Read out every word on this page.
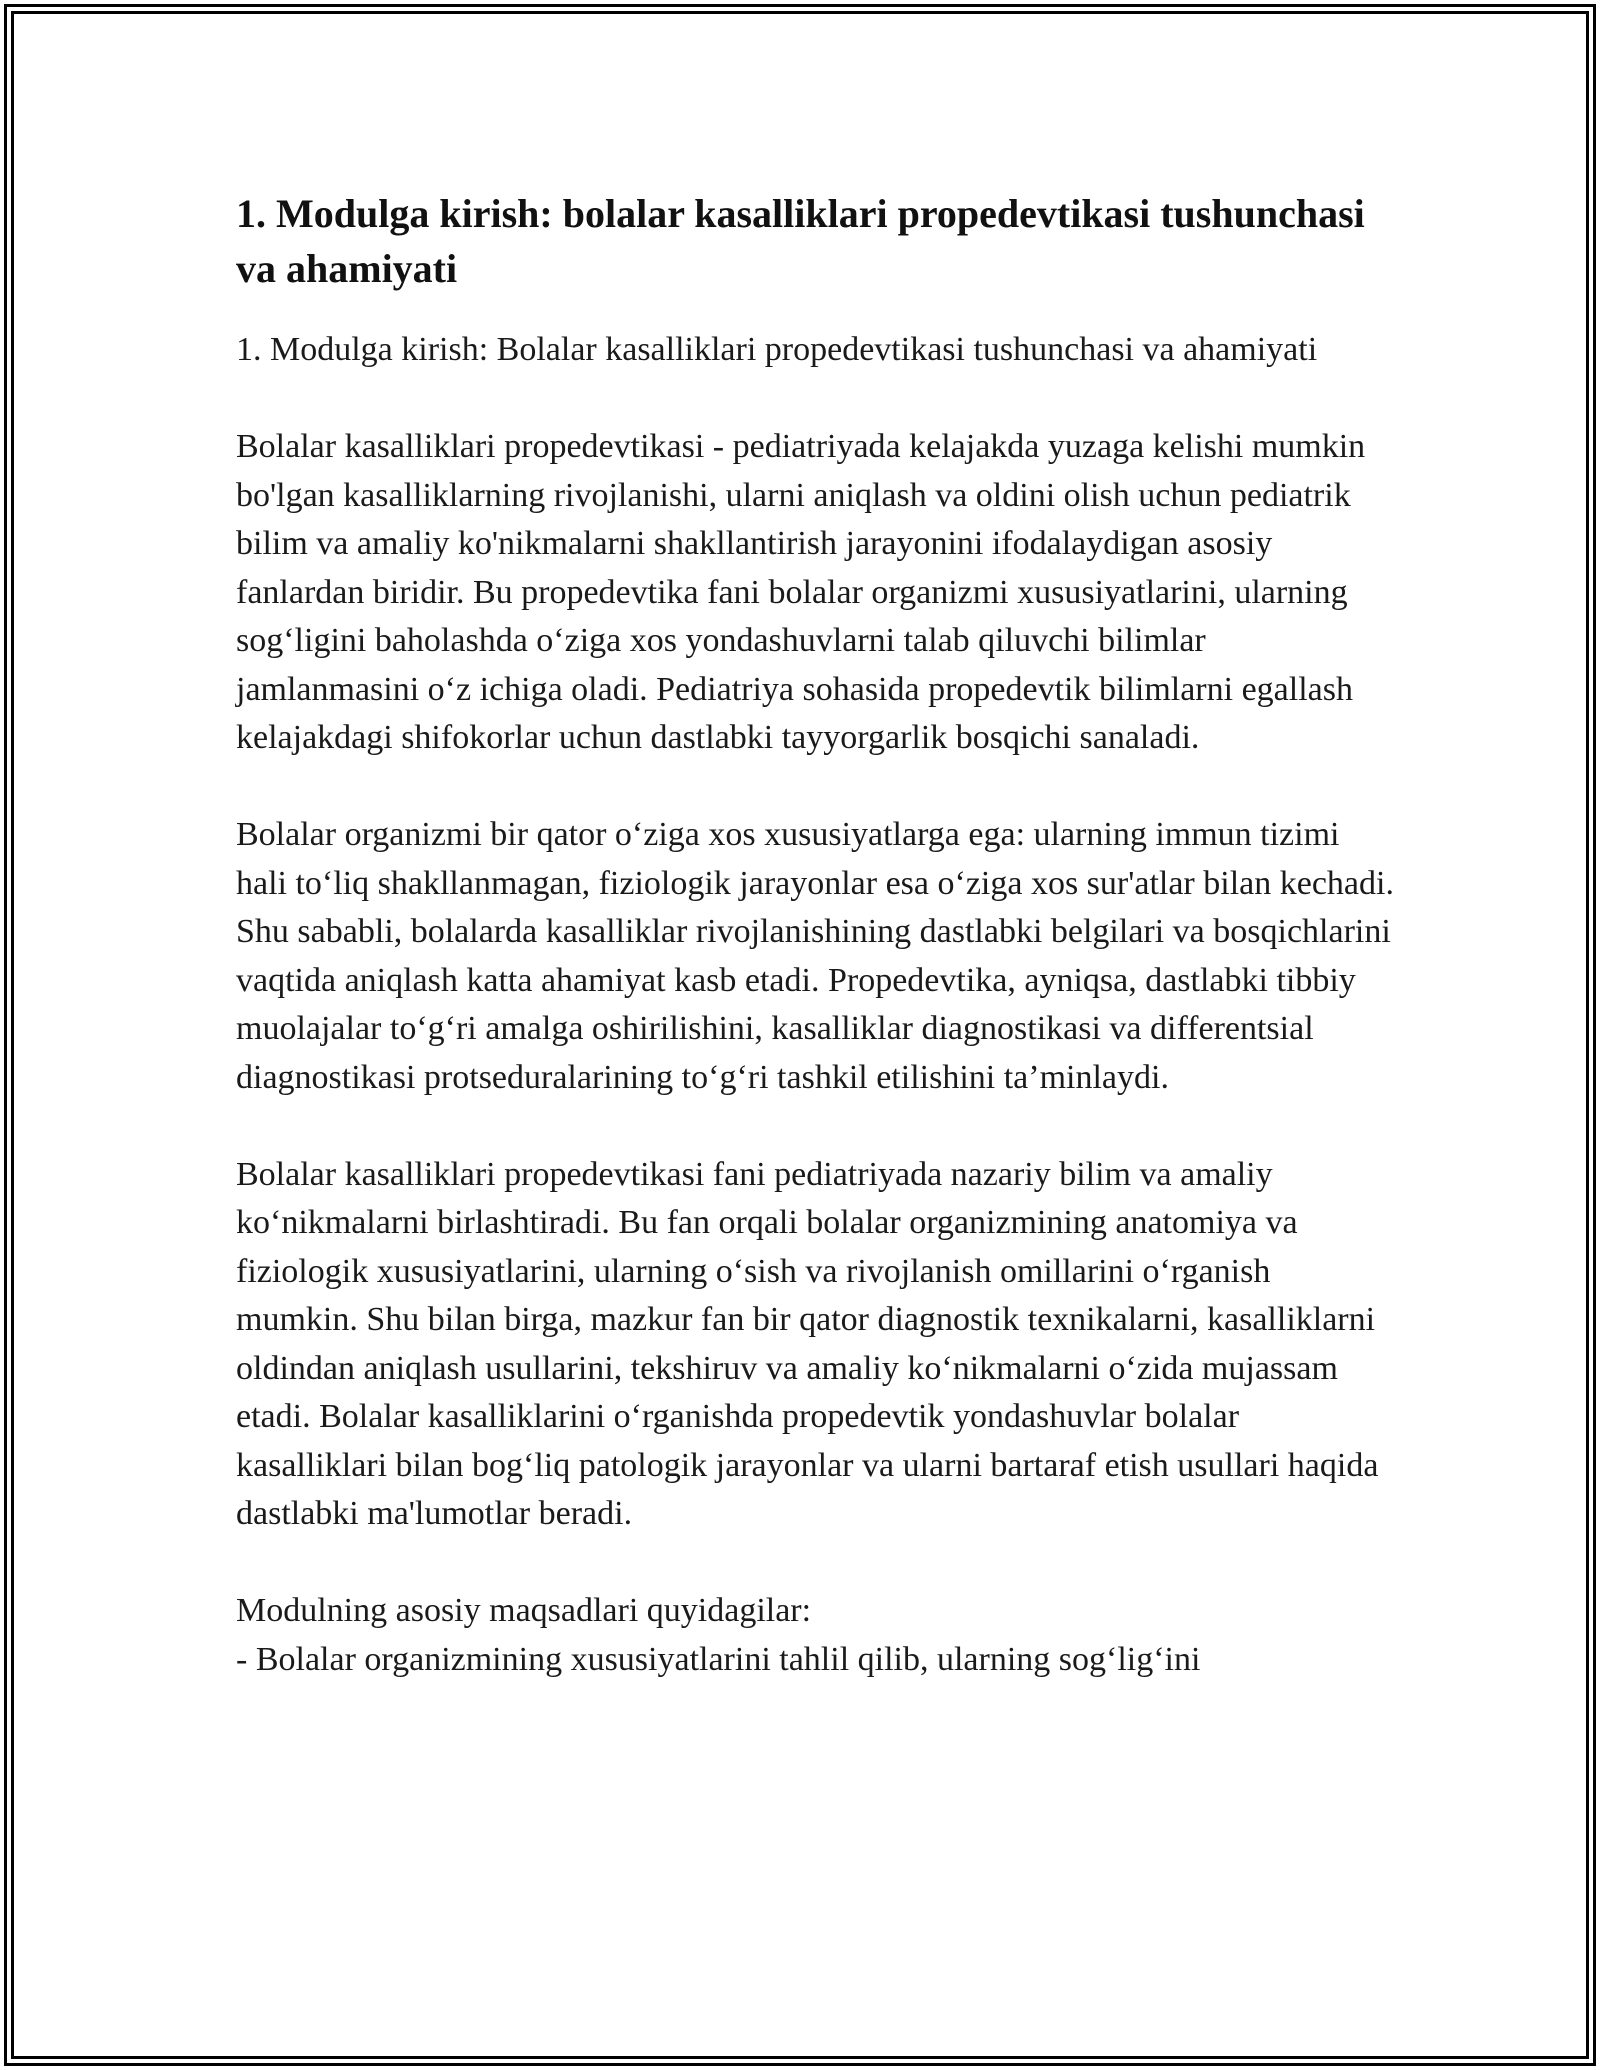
1. Modulga kirish: bolalar kasalliklari propedevtikasi tushunchasi va ahamiyati

1. Modulga kirish: Bolalar kasalliklari propedevtikasi tushunchasi va ahamiyati

Bolalar kasalliklari propedevtikasi - pediatriyada kelajakda yuzaga kelishi mumkin bo'lgan kasalliklarning rivojlanishi, ularni aniqlash va oldini olish uchun pediatrik bilim va amaliy ko'nikmalarni shakllantirish jarayonini ifodalaydigan asosiy fanlardan biridir. Bu propedevtika fani bolalar organizmi xususiyatlarini, ularning sog‘ligini baholashda o‘ziga xos yondashuvlarni talab qiluvchi bilimlar jamlanmasini o‘z ichiga oladi. Pediatriya sohasida propedevtik bilimlarni egallash kelajakdagi shifokorlar uchun dastlabki tayyorgarlik bosqichi sanaladi.

Bolalar organizmi bir qator o‘ziga xos xususiyatlarga ega: ularning immun tizimi hali to‘liq shakllanmagan, fiziologik jarayonlar esa o‘ziga xos sur'atlar bilan kechadi. Shu sababli, bolalarda kasalliklar rivojlanishining dastlabki belgilari va bosqichlarini vaqtida aniqlash katta ahamiyat kasb etadi. Propedevtika, ayniqsa, dastlabki tibbiy muolajalar to‘g‘ri amalga oshirilishini, kasalliklar diagnostikasi va differentsial diagnostikasi protseduralarining to‘g‘ri tashkil etilishini ta’minlaydi.

Bolalar kasalliklari propedevtikasi fani pediatriyada nazariy bilim va amaliy ko‘nikmalarni birlashtiradi. Bu fan orqali bolalar organizmining anatomiya va fiziologik xususiyatlarini, ularning o‘sish va rivojlanish omillarini o‘rganish mumkin. Shu bilan birga, mazkur fan bir qator diagnostik texnikalarni, kasalliklarni oldindan aniqlash usullarini, tekshiruv va amaliy ko‘nikmalarni o‘zida mujassam etadi. Bolalar kasalliklarini o‘rganishda propedevtik yondashuvlar bolalar kasalliklari bilan bog‘liq patologik jarayonlar va ularni bartaraf etish usullari haqida dastlabki ma'lumotlar beradi.

Modulning asosiy maqsadlari quyidagilar:
- Bolalar organizmining xususiyatlarini tahlil qilib, ularning sog‘lig‘ini
